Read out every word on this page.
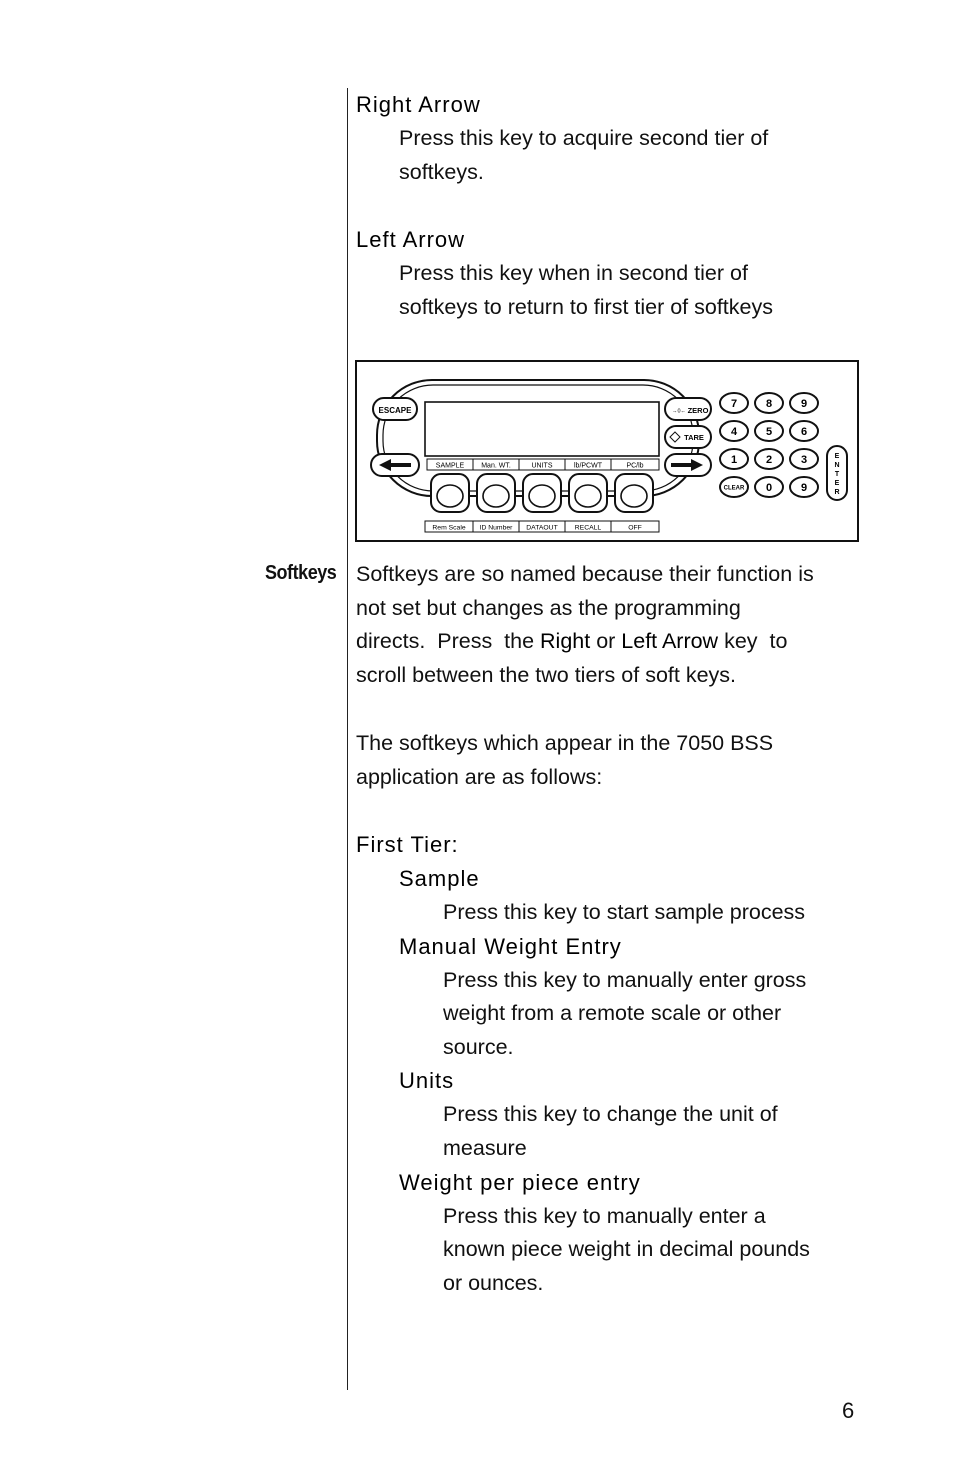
Right Arrow
Press this key to acquire second tier of
softkeys.
Left Arrow
Press this key when in second tier of
softkeys to return to first tier of softkeys
ESCAPE	→0← ZERO
TARE
SAMPLE Man. WT.	UNITS	lb/PCWT	PC/lb
Rem Scale ID Number DATAOUT	RECALL	OFF
7	8	9
4	5	6
1	2	3
CLEAR 0	9
E
N
T
E
R
Softkeys Softkeys are so named because their function is
not set but changes as the programming
directs.  Press  the Right or Left Arrow key  to
scroll between the two tiers of soft keys.
The softkeys which appear in the 7050 BSS
application are as follows:
First Tier:
Sample
Press this key to start sample process
Manual Weight Entry
Press this key to manually enter gross
weight from a remote scale or other
source.
Units
Press this key to change the unit of
measure
Weight per piece entry
Press this key to manually enter a
known piece weight in decimal pounds
or ounces.
6
